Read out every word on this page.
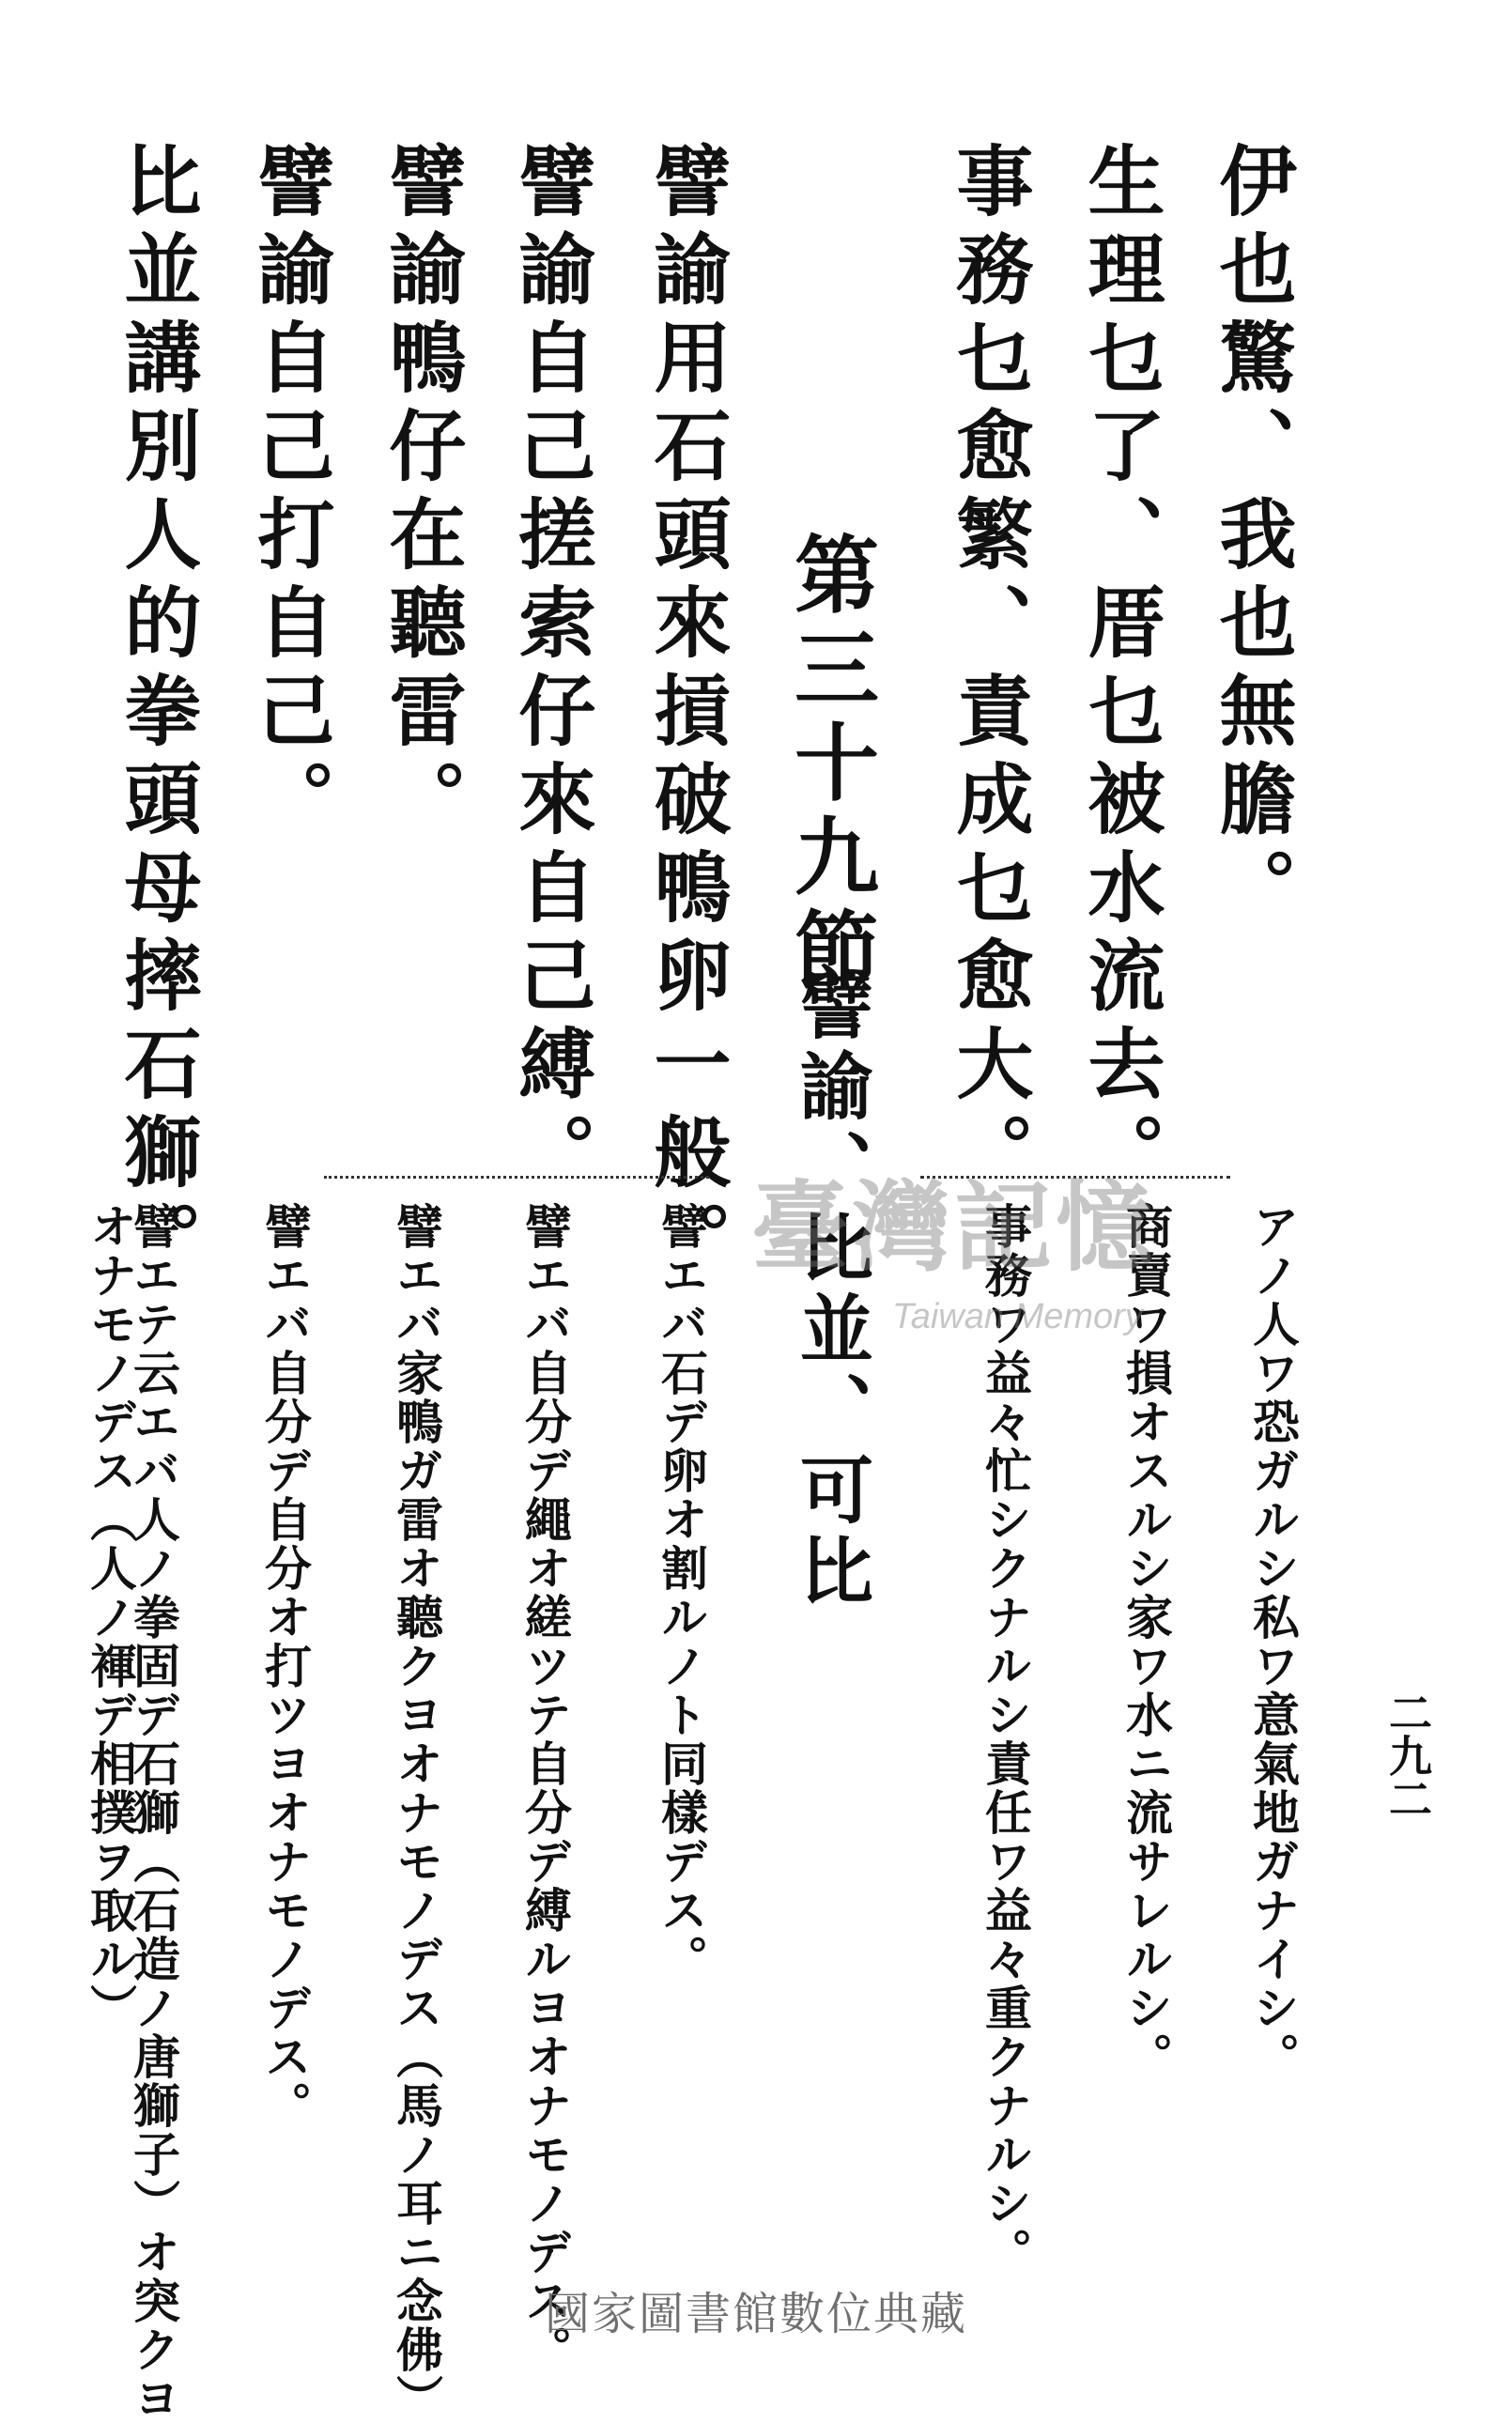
二九二
伊也驚、我也無膽。
生理乜了、厝乜被水流去。
事務乜愈繁、責成乜愈大。
第三十九節
譬諭、比並、可比
譬諭用石頭來摃破鴨卵一般。
譬諭自己搓索仔來自己縛。
譬諭鴨仔在聽雷。
譬諭自己打自己。
比並講別人的拳頭母摔石獅。
アノ人ワ恐ガルシ私ワ意氣地ガナイシ。
商賣ワ損オスルシ家ワ水ニ流サレルシ。
事務ワ益々忙シクナルシ責任ワ益々重クナルシ。
譬エバ石デ卵オ割ルノト同樣デス。
譬エバ自分デ繩オ縒ツテ自分デ縛ルヨオナモノデス。
譬エバ家鴨ガ雷オ聽クヨオナモノデス（馬ノ耳ニ念佛）
譬エバ自分デ自分オ打ツヨオナモノデス。
譬エテ云エバ人ノ拳固デ石獅（石造ノ唐獅子）オ突クヨ
オナモノデス（人ノ褌デ相撲ヲ取ル）	臺灣記憶
Taiwan Memory
國家圖書館數位典藏
